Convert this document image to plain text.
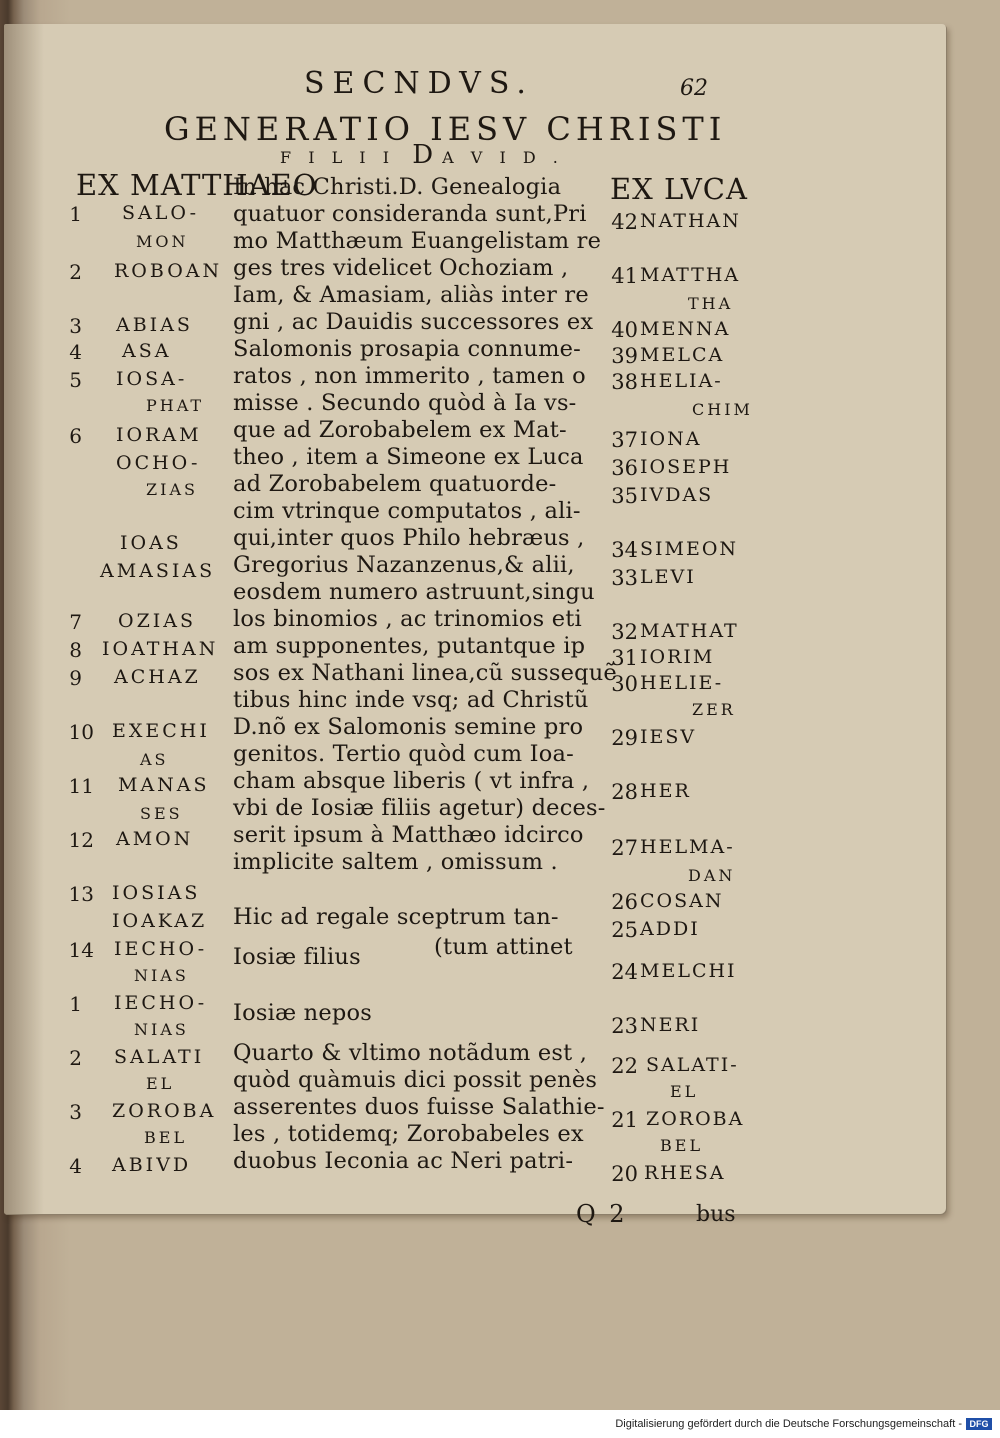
SECNDVS.	62
GENERATIO IESV CHRISTI
F I L I I DA V I D .
EX MATTHAEO	EX LVCA
1 SALO-
MON
2 ROBOAN
3 ABIAS
4 ASA
5 IOSA-
PHAT
6 IORAM
OCHO-
ZIAS
IOAS
AMASIAS
7 OZIAS
8 IOATHAN
9 ACHAZ
10 EXECHI
AS
11 MANAS
SES
12 AMON
13 IOSIAS
IOAKAZ
14 IECHO-
NIAS
1 IECHO-
NIAS
2 SALATI
EL
3 ZOROBA
BEL
4 ABIVD
In hac Christi.D. Genealogia
quatuor consideranda sunt,Pri
mo Matthæum Euangelistam re
ges tres videlicet Ochoziam ,
Iam, & Amasiam, aliàs inter re
gni , ac Dauidis successores ex
Salomonis prosapia connume-
ratos , non immerito , tamen o
misse . Secundo quòd à Ia vs-
que ad Zorobabelem ex Mat-
theo , item a Simeone ex Luca
ad Zorobabelem quatuorde-
cim vtrinque computatos , ali-
qui,inter quos Philo hebræus ,
Gregorius Nazanzenus,& alii,
eosdem numero astruunt,singu
los binomios , ac trinomios eti
am supponentes, putantque ip
sos ex Nathani linea,cũ sussequẽ
tibus hinc inde vsq; ad Christũ
D.nõ ex Salomonis semine pro
genitos. Tertio quòd cum Ioa-
cham absque liberis ( vt infra ,
vbi de Iosiæ filiis agetur) deces-
serit ipsum à Matthæo idcirco
implicite saltem , omissum .
Hic ad regale sceptrum tan-
(tum attinet
Iosiæ filius
Iosiæ nepos
Quarto & vltimo notãdum est ,
quòd quàmuis dici possit penès
asserentes duos fuisse Salathie-
les , totidemq; Zorobabeles ex
duobus Ieconia ac Neri patri-
42 NATHAN
41 MATTHA
THA
40 MENNA
39 MELCA
38 HELIA-
CHIM
37 IONA
36 IOSEPH
35 IVDAS
34 SIMEON
33 LEVI
32 MATHAT
31 IORIM
30 HELIE-
ZER
29 IESV
28 HER
27 HELMA-
DAN
26 COSAN
25 ADDI
24 MELCHI
23 NERI
22 SALATI-
EL
21 ZOROBA
BEL
20 RHESA
Q 2	bus
Digitalisierung gefördert durch die Deutsche Forschungsgemeinschaft - DFG
